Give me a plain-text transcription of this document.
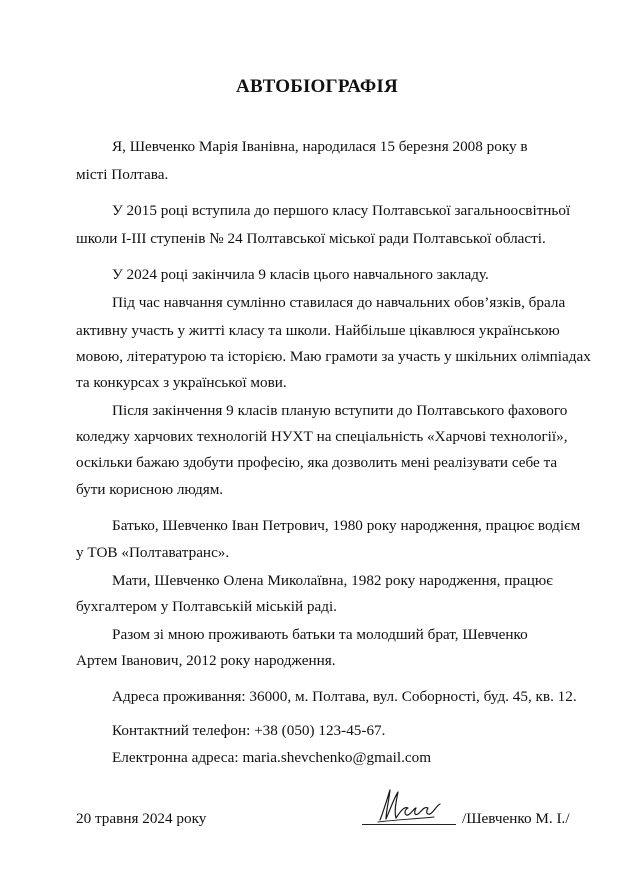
АВТОБІОГРАФІЯ
Я, Шевченко Марія Іванівна, народилася 15 березня 2008 року в
місті Полтава.
У 2015 році вступила до першого класу Полтавської загальноосвітньої
школи І-ІІІ ступенів № 24 Полтавської міської ради Полтавської області.
У 2024 році закінчила 9 класів цього навчального закладу.
Під час навчання сумлінно ставилася до навчальних обов’язків, брала
активну участь у житті класу та школи. Найбільше цікавлюся українською
мовою, літературою та історією. Маю грамоти за участь у шкільних олімпіадах
та конкурсах з української мови.
Після закінчення 9 класів планую вступити до Полтавського фахового
коледжу харчових технологій НУХТ на спеціальність «Харчові технології»,
оскільки бажаю здобути професію, яка дозволить мені реалізувати себе та
бути корисною людям.
Батько, Шевченко Іван Петрович, 1980 року народження, працює водієм
у ТОВ «Полтаватранс».
Мати, Шевченко Олена Миколаївна, 1982 року народження, працює
бухгалтером у Полтавській міській раді.
Разом зі мною проживають батьки та молодший брат, Шевченко
Артем Іванович, 2012 року народження.
Адреса проживання: 36000, м. Полтава, вул. Соборності, буд. 45, кв. 12.
Контактний телефон: +38 (050) 123-45-67.
Електронна адреса: maria.shevchenko@gmail.com
20 травня 2024 року	/Шевченко М. І./
